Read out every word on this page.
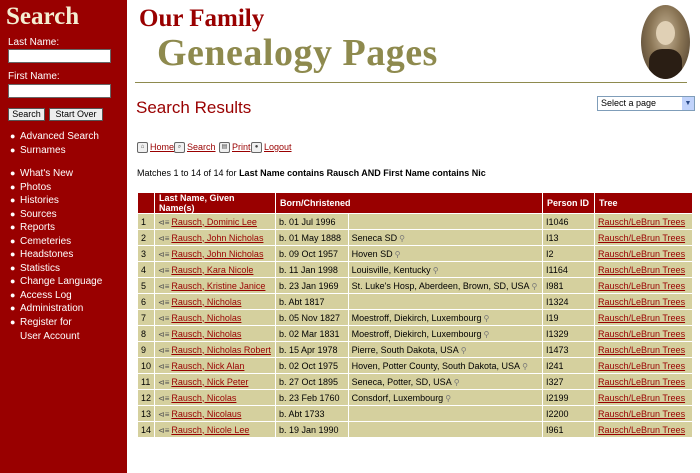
Search
Last Name:
First Name:
Search	Start Over
● Advanced Search
● Surnames
● What's New
● Photos
● Histories
● Sources
● Reports
● Cemeteries
● Headstones
● Statistics
● Change Language
● Access Log
● Administration
● Register for
User Account
Our Family
Genealogy Pages
Search Results	Select a page	▼
⌂ Home ⌕ Search	▤ Print ● Logout
Matches 1 to 14 of 14 for Last Name contains Rausch AND First Name contains Nic
	Last Name, Given Name(s)	Born/Christened		Person ID	Tree
1	⊲≡ Rausch, Dominic Lee	b. 01 Jul 1996		I1046	Rausch/LeBrun Trees
2	⊲≡ Rausch, John Nicholas	b. 01 May 1888	Seneca SD ⚲	I13	Rausch/LeBrun Trees
3	⊲≡ Rausch, John Nicholas	b. 09 Oct 1957	Hoven SD ⚲	I2	Rausch/LeBrun Trees
4	⊲≡ Rausch, Kara Nicole	b. 11 Jan 1998	Louisville, Kentucky ⚲	I1164	Rausch/LeBrun Trees
5	⊲≡ Rausch, Kristine Janice	b. 23 Jan 1969	St. Luke's Hosp, Aberdeen, Brown, SD, USA ⚲	I981	Rausch/LeBrun Trees
6	⊲≡ Rausch, Nicholas	b. Abt 1817		I1324	Rausch/LeBrun Trees
7	⊲≡ Rausch, Nicholas	b. 05 Nov 1827	Moestroff, Diekirch, Luxembourg ⚲	I19	Rausch/LeBrun Trees
8	⊲≡ Rausch, Nicholas	b. 02 Mar 1831	Moestroff, Diekirch, Luxembourg ⚲	I1329	Rausch/LeBrun Trees
9	⊲≡ Rausch, Nicholas Robert	b. 15 Apr 1978	Pierre, South Dakota, USA ⚲	I1473	Rausch/LeBrun Trees
10	⊲≡ Rausch, Nick Alan	b. 02 Oct 1975	Hoven, Potter County, South Dakota, USA ⚲	I241	Rausch/LeBrun Trees
11	⊲≡ Rausch, Nick Peter	b. 27 Oct 1895	Seneca, Potter, SD, USA ⚲	I327	Rausch/LeBrun Trees
12	⊲≡ Rausch, Nicolas	b. 23 Feb 1760	Consdorf, Luxembourg ⚲	I2199	Rausch/LeBrun Trees
13	⊲≡ Rausch, Nicolaus	b. Abt 1733		I2200	Rausch/LeBrun Trees
14	⊲≡ Rausch, Nicole Lee	b. 19 Jan 1990		I961	Rausch/LeBrun Trees
